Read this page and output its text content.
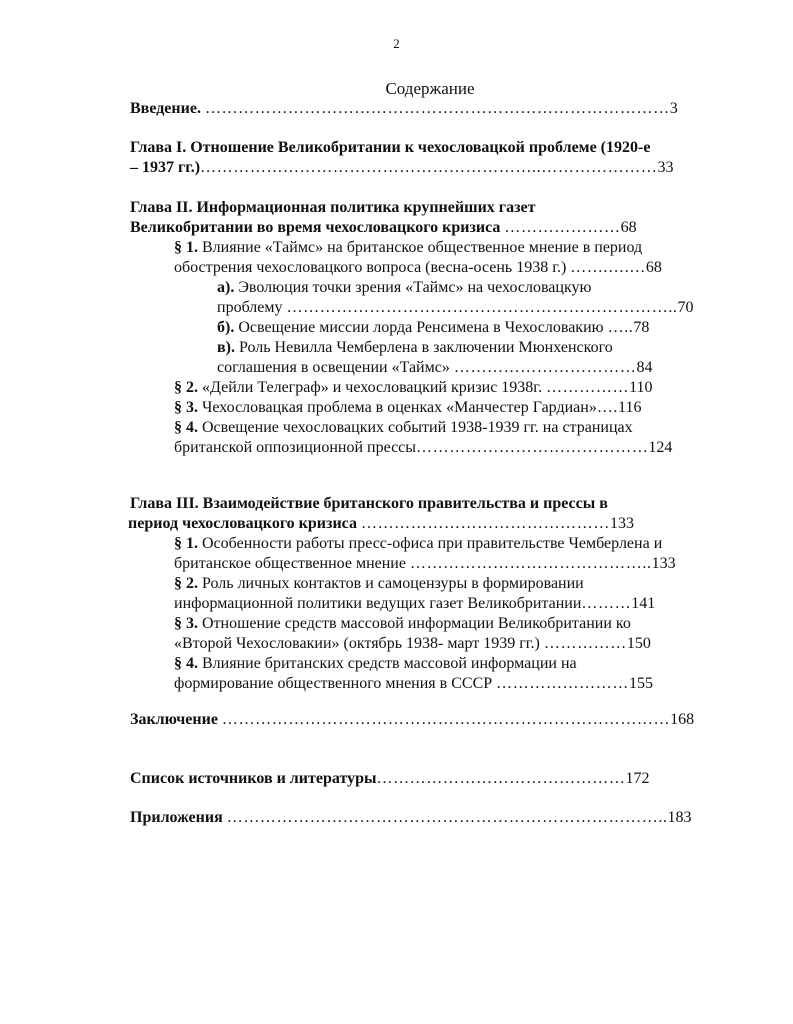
2
Содержание
Введение. …………………………………………………………………………3
Глава I. Отношение Великобритании к чехословацкой проблеме (1920-е
– 1937 гг.)……………………………………………………..…………………33
Глава II. Информационная политика крупнейших газет
Великобритании во время чехословацкого кризиса …………………68
§ 1. Влияние «Таймс» на британское общественное мнение в период
обострения чехословацкого вопроса (весна-осень 1938 г.) …….….…68
а). Эволюция точки зрения «Таймс» на чехословацкую
проблему ……………………………………………………………..70
б). Освещение миссии лорда Ренсимена в Чехословакию …..78
в). Роль Невилла Чемберлена в заключении Мюнхенского
соглашения в освещении «Таймс» ……………………………84
§ 2. «Дейли Телеграф» и чехословацкий кризис 1938г. ……………110
§ 3. Чехословацкая проблема в оценках «Манчестер Гардиан»….116
§ 4. Освещение чехословацких событий 1938-1939 гг. на страницах
британской оппозиционной прессы……………………………………124
Глава III. Взаимодействие британского правительства и прессы в
период чехословацкого кризиса ………………………………………133
§ 1. Особенности работы пресс-офиса при правительстве Чемберлена и
британское общественное мнение ……………………………………..133
§ 2. Роль личных контактов и самоцензуры в формировании
информационной политики ведущих газет Великобритании………141
§ 3. Отношение средств массовой информации Великобритании ко
«Второй Чехословакии» (октябрь 1938- март 1939 гг.) ……………150
§ 4. Влияние британских средств массовой информации на
формирование общественного мнения в СССР ……………………155
Заключение ………………………………………………………………………168
Список источников и литературы………………………………………172
Приложения ……………………………………………………………………..183
